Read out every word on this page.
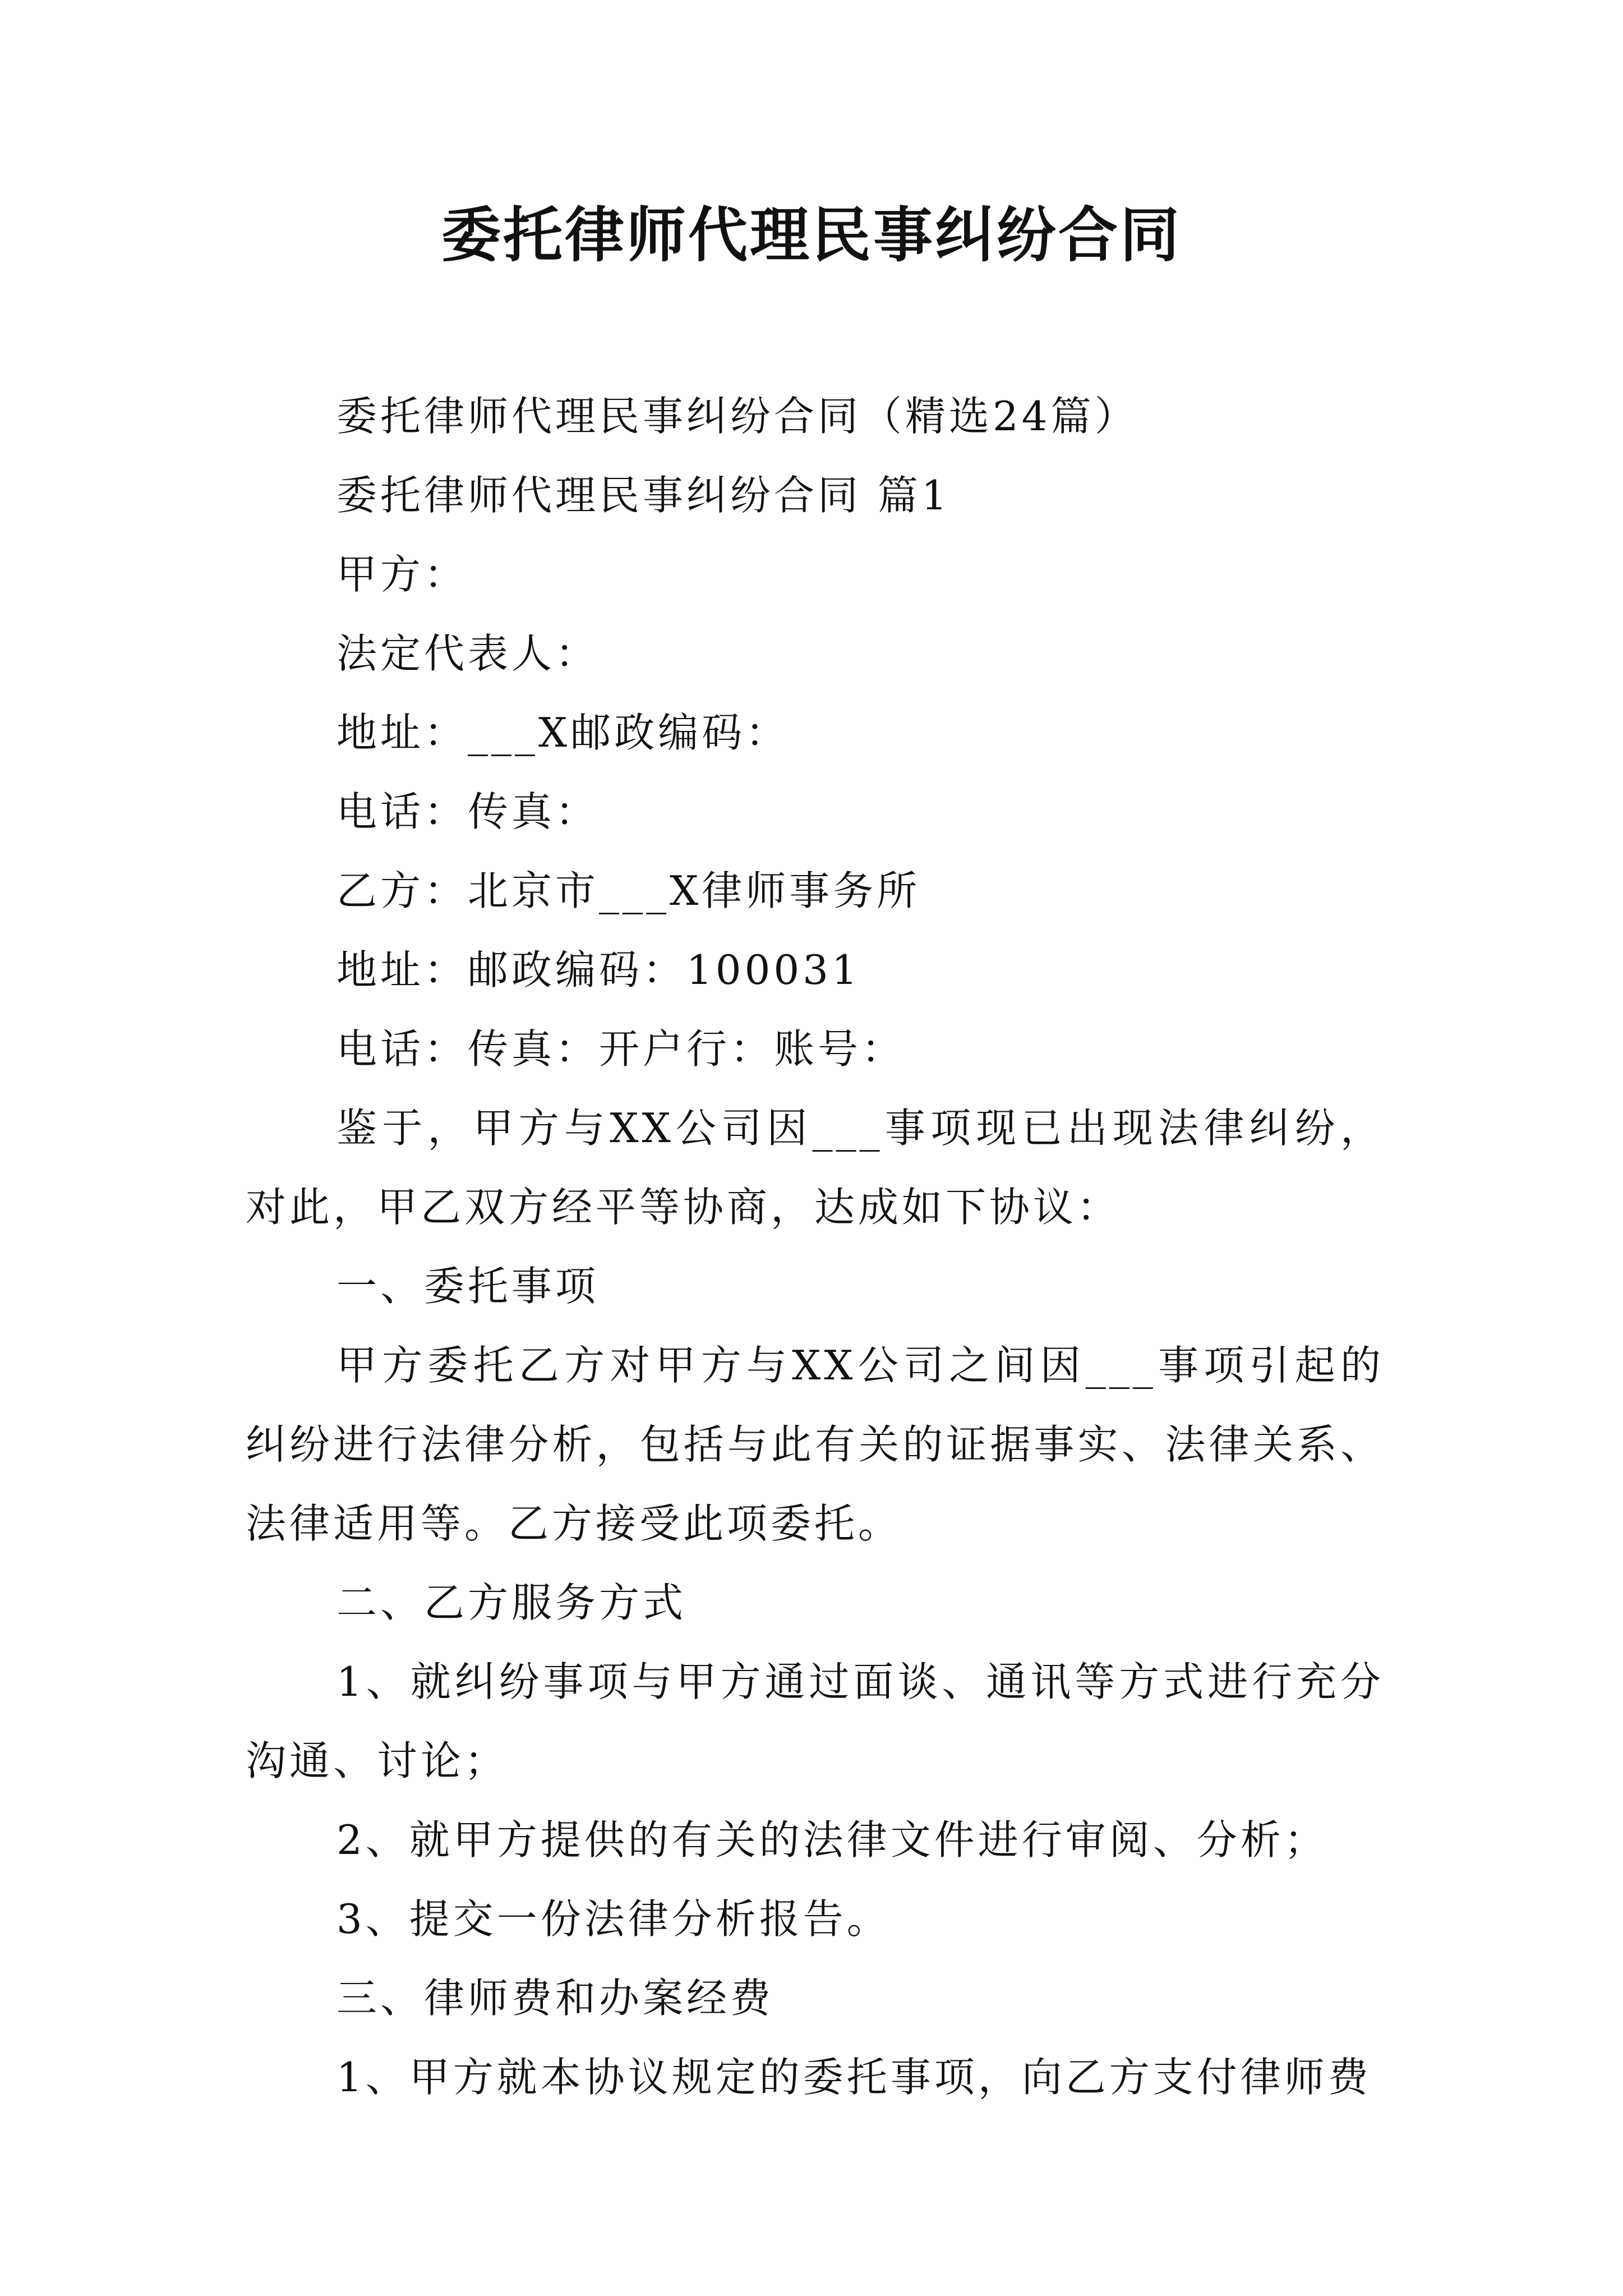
委托律师代理民事纠纷合同

委托律师代理民事纠纷合同（精选24篇）

委托律师代理民事纠纷合同 篇1

甲方：

法定代表人：

地址：___X邮政编码：

电话：传真：

乙方：北京市___X律师事务所

地址：邮政编码：100031

电话：传真：开户行：账号：

鉴于，甲方与XX公司因___事项现已出现法律纠纷，对此，甲乙双方经平等协商，达成如下协议：

一、委托事项

甲方委托乙方对甲方与XX公司之间因___事项引起的纠纷进行法律分析，包括与此有关的证据事实、法律关系、法律适用等。乙方接受此项委托。

二、乙方服务方式

1、就纠纷事项与甲方通过面谈、通讯等方式进行充分沟通、讨论；

2、就甲方提供的有关的法律文件进行审阅、分析；

3、提交一份法律分析报告。

三、律师费和办案经费

1、甲方就本协议规定的委托事项，向乙方支付律师费
